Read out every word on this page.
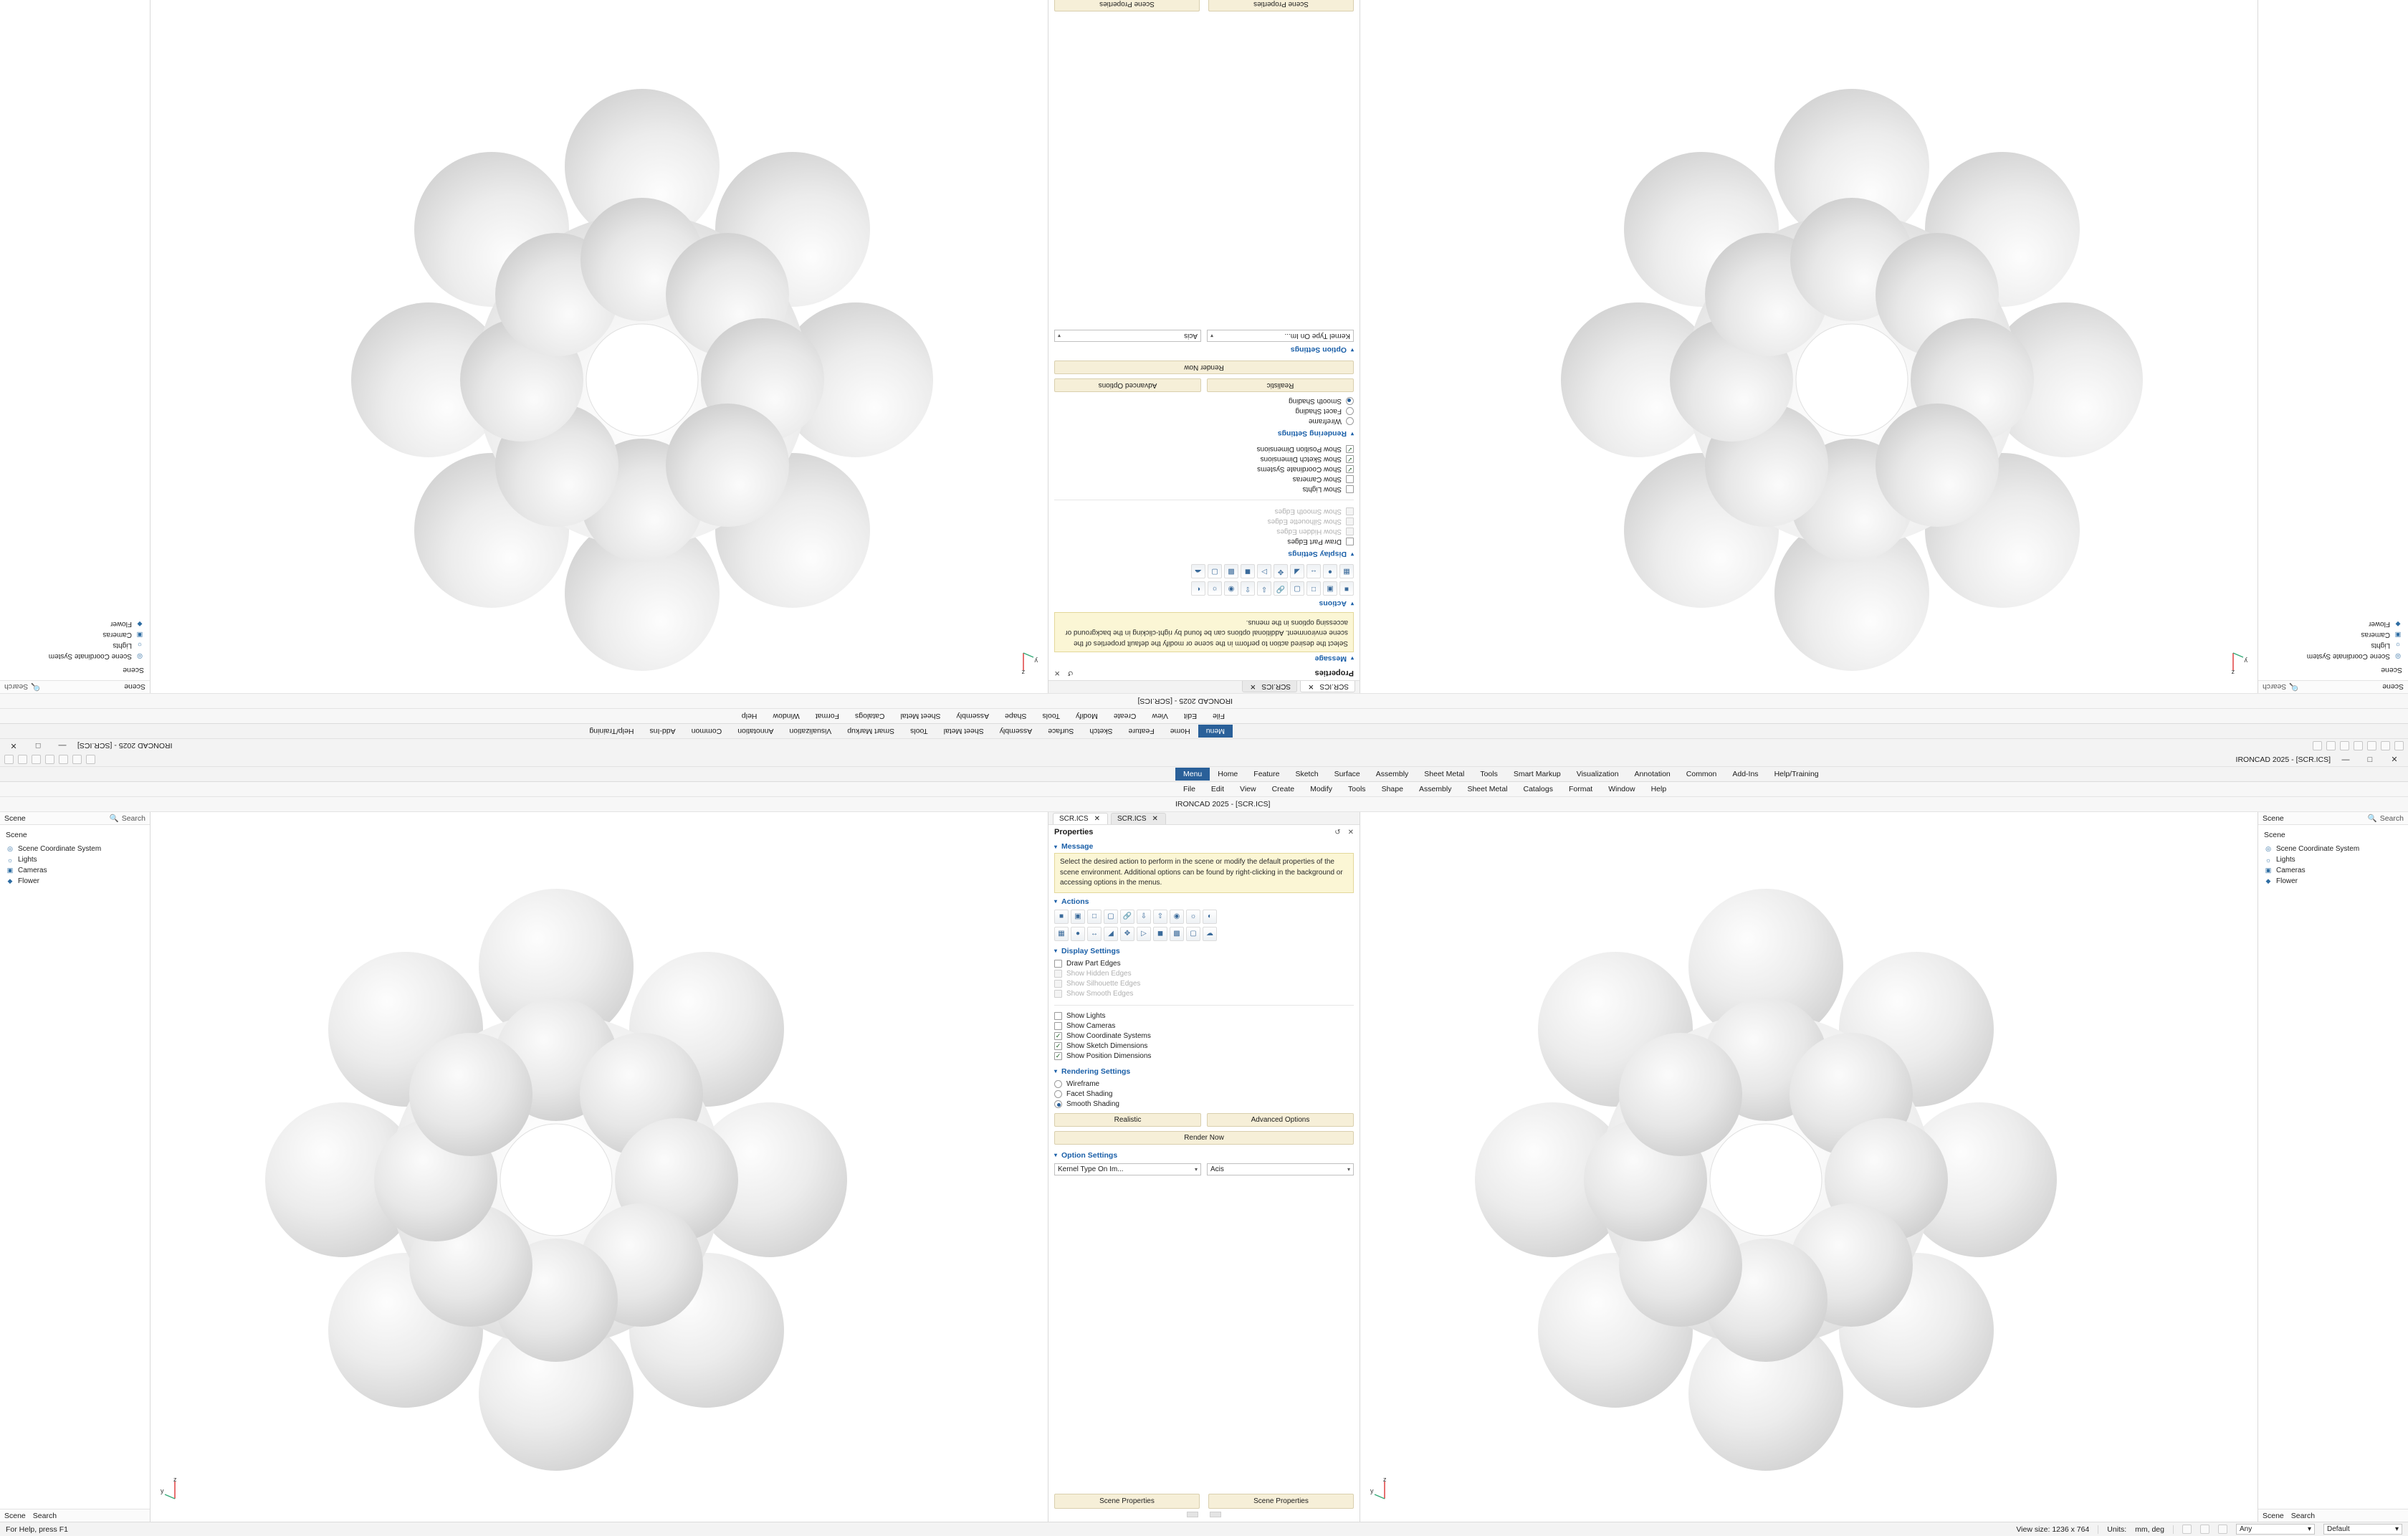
IRONCAD 2025 - [SCR.ICS]
—
□
✕
Menu
Home
Feature
Sketch
Surface
Assembly
Sheet Metal
Tools
Smart Markup
Visualization
Annotation
Common
Add-Ins
Help/Training
File
Edit
View
Create
Modify
Tools
Shape
Assembly
Sheet Metal
Catalogs
Format
Window
Help
IRONCAD 2025 - [SCR.ICS]
Scene
🔍
Search
Scene
◎
Scene Coordinate System
☼
Lights
▣
Cameras
◆
Flower
z
y
SCR.ICS
✕
SCR.ICS
✕
Properties
↺
✕
▾
Message
Select the desired action to perform in the scene or modify the default properties of the scene environment. Additional options can be found by right-clicking in the background or accessing options in the menus.
▾
Actions
■
▣
□
▢
🔗
⇩
⇧
◉
☼
◐
▦
●
↔
◢
✥
▷
◼
▩
▢
☁
▾
Display Settings
Draw Part Edges
Show Hidden Edges
Show Silhouette Edges
Show Smooth Edges
Show Lights
Show Cameras
✓
Show Coordinate Systems
✓
Show Sketch Dimensions
✓
Show Position Dimensions
▾
Rendering Settings
Wireframe
Facet Shading
Smooth Shading
Realistic
Advanced Options
Render Now
▾
Option Settings
Kernel Type On Im...
▾
Acis
▾
Scene Properties
Scene Properties
z
y
Scene
🔍
Search
Scene
◎
Scene Coordinate System
☼
Lights
▣
Cameras
◆
Flower
IRONCAD 2025 - [SCR.ICS]	—	□	✕
Menu	Home	Feature	Sketch	Surface	Assembly	Sheet Metal	Tools	Smart Markup	Visualization	Annotation	Common	Add-Ins	Help/Training
File	Edit	View	Create	Modify	Tools	Shape	Assembly	Sheet Metal	Catalogs	Format	Window	Help
IRONCAD 2025 - [SCR.ICS]
Scene	🔍 Search
Scene
◎ Scene Coordinate System
☼ Lights
▣ Cameras
◆ Flower
Scene Search
z
y
SCR.ICS ✕ SCR.ICS ✕
Properties	↺ ✕
▾ Message
Select the desired action to perform in the scene or modify the default properties of the scene environment. Additional options can be found by right-clicking in the background or accessing options in the menus.
▾ Actions
■	▣	□	▢	🔗	⇩	⇧	◉	☼	◐
▦	●	↔	◢	✥	▷	◼	▩	▢	☁
▾ Display Settings
Draw Part Edges
Show Hidden Edges
Show Silhouette Edges
Show Smooth Edges
Show Lights
Show Cameras
✓
Show Coordinate Systems
✓
Show Sketch Dimensions
✓
Show Position Dimensions
▾ Rendering Settings
Wireframe
Facet Shading
Smooth Shading
Realistic	Advanced Options
Render Now
▾ Option Settings
Kernel Type On Im...	▾ Acis	▾
Scene Properties	Scene Properties
z
y
Scene	🔍 Search
Scene
◎ Scene Coordinate System
☼ Lights
▣ Cameras
◆ Flower
Scene Search
For Help, press F1	View size: 1236 x 764 Units: mm, deg	Any	▾ Default	▾
